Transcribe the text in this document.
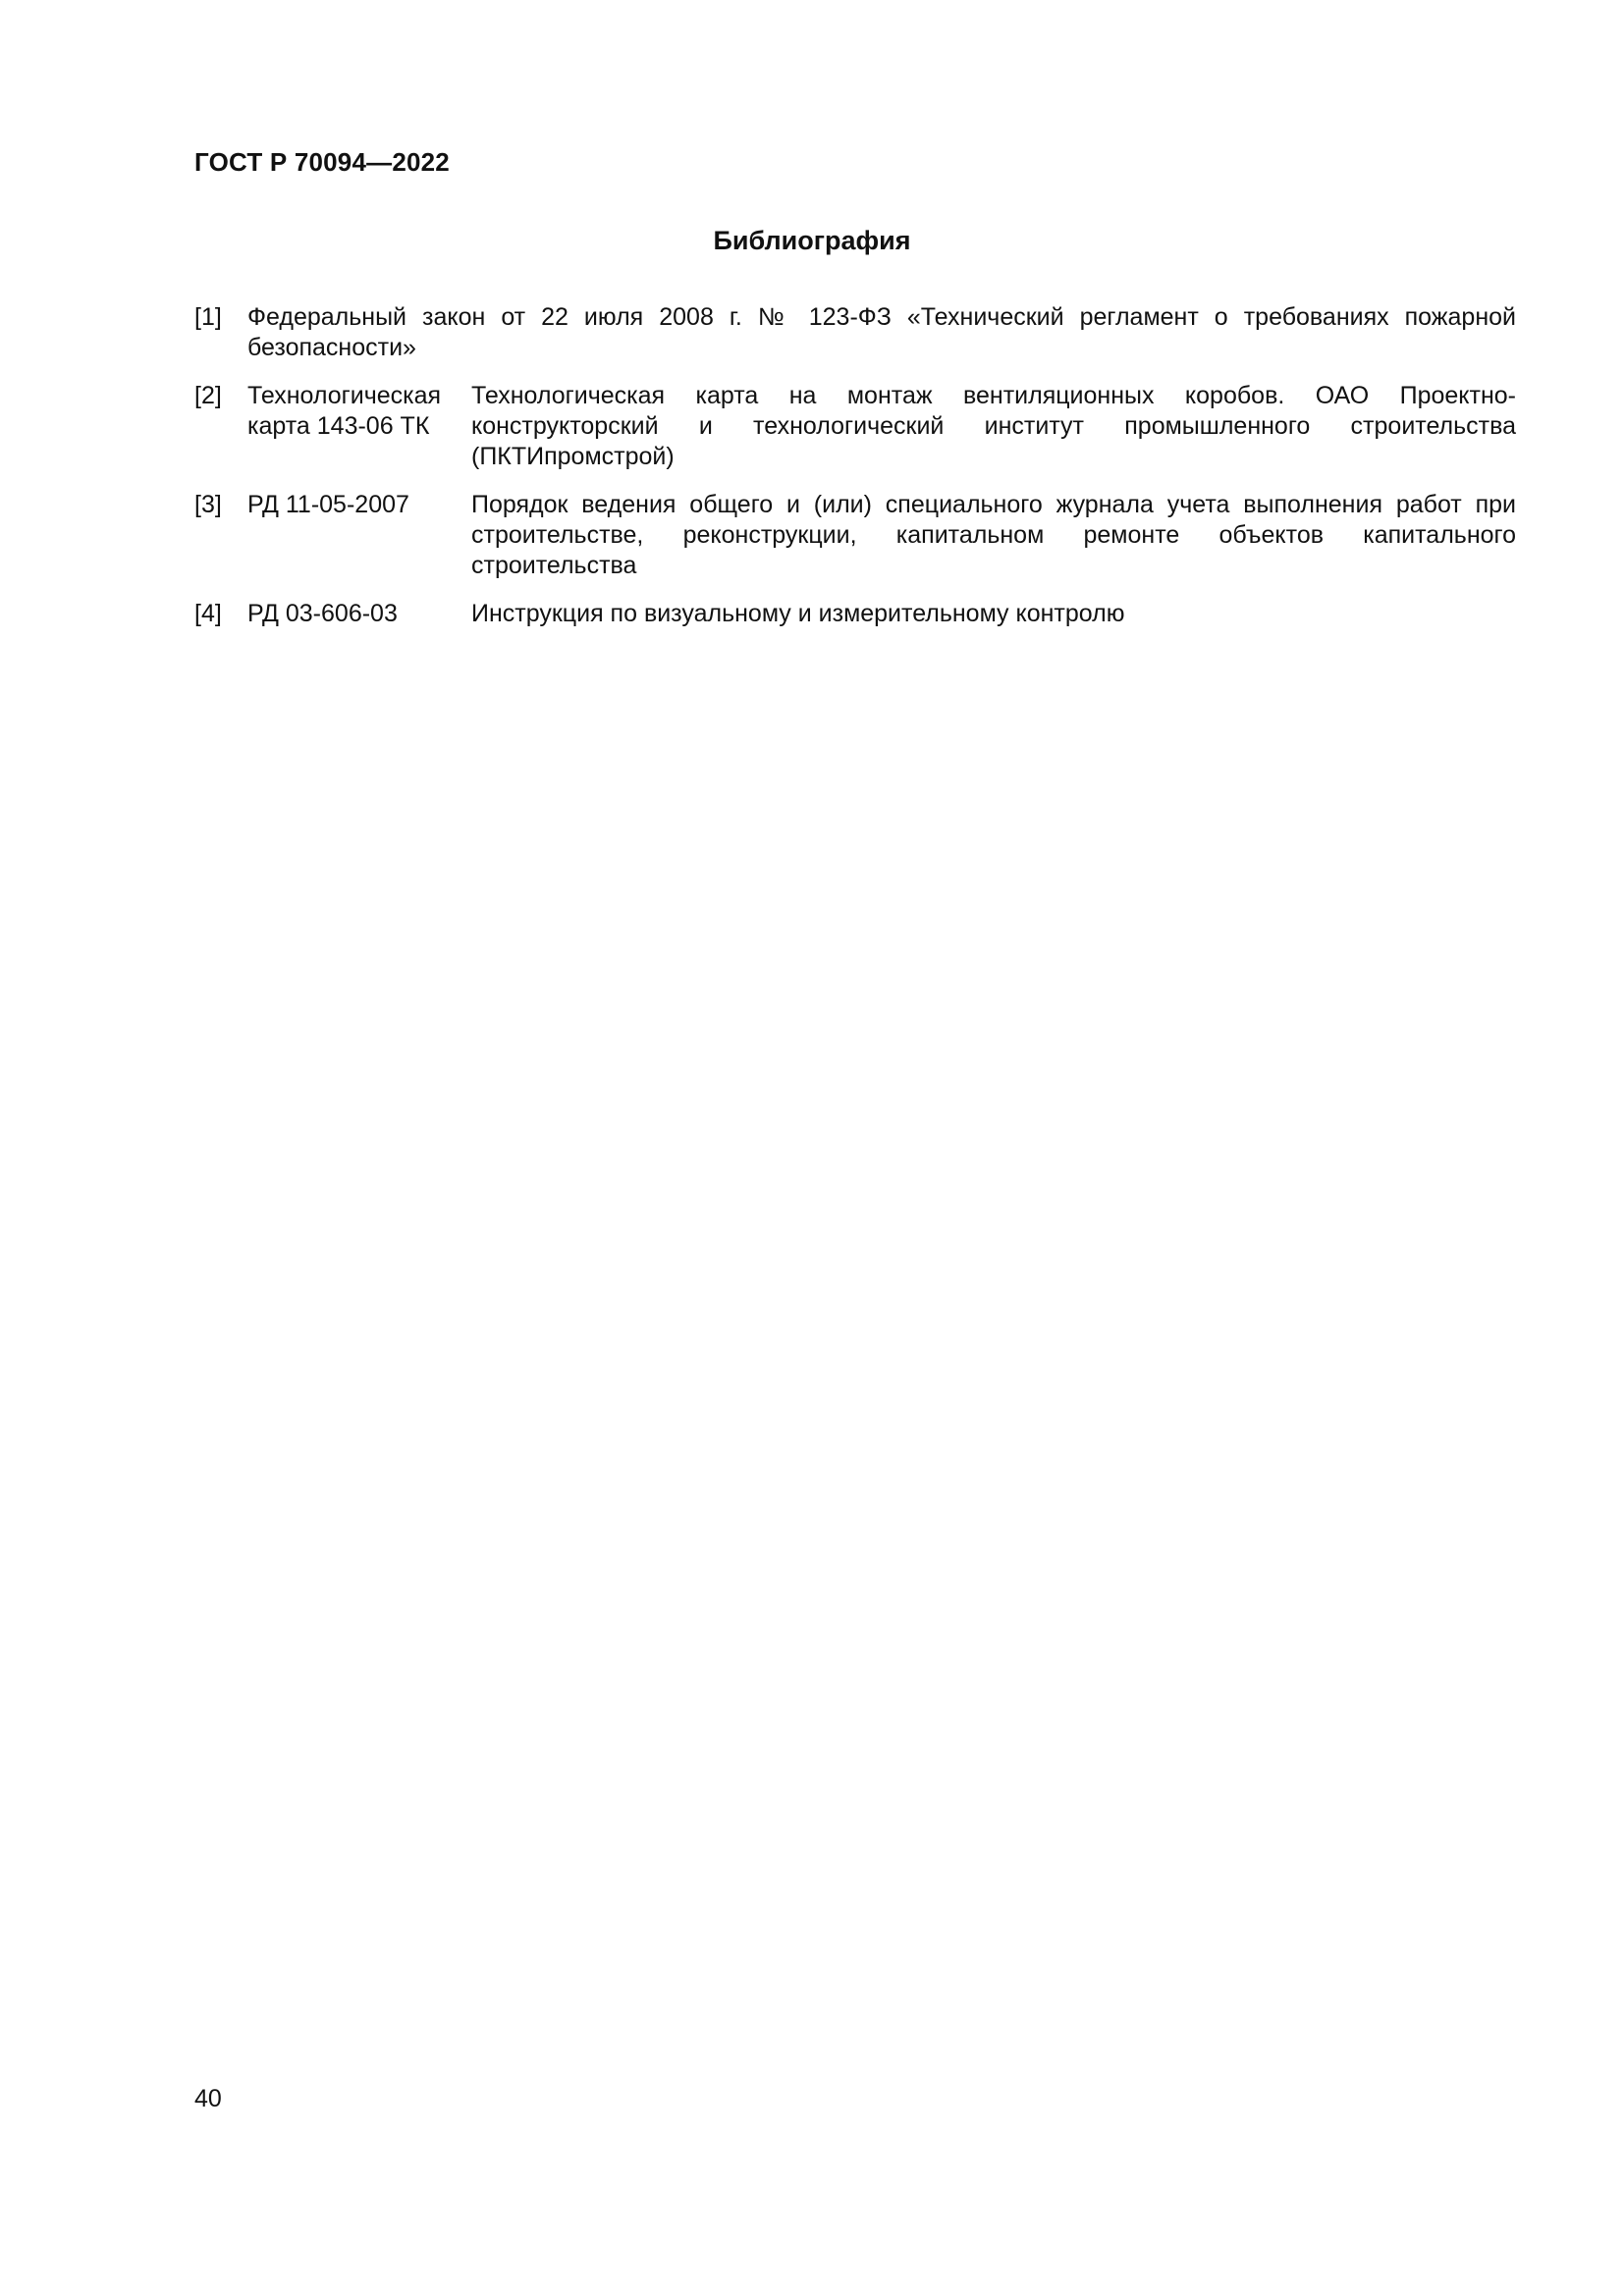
ГОСТ Р 70094—2022
Библиография
[1] Федеральный закон от 22 июля 2008 г. № 123-ФЗ «Технический регламент о требованиях пожарной безопасности»
[2] Технологическая
карта 143-06 ТК
Технологическая карта на монтаж вентиляционных коробов. ОАО Проектно-конструкторский и технологический институт промышленного строительства (ПКТИпромстрой)
[3] РД 11-05-2007	Порядок ведения общего и (или) специального журнала учета выполнения работ при строительстве, реконструкции, капитальном ремонте объектов капитального строительства
[4] РД 03-606-03	Инструкция по визуальному и измерительному контролю
40
